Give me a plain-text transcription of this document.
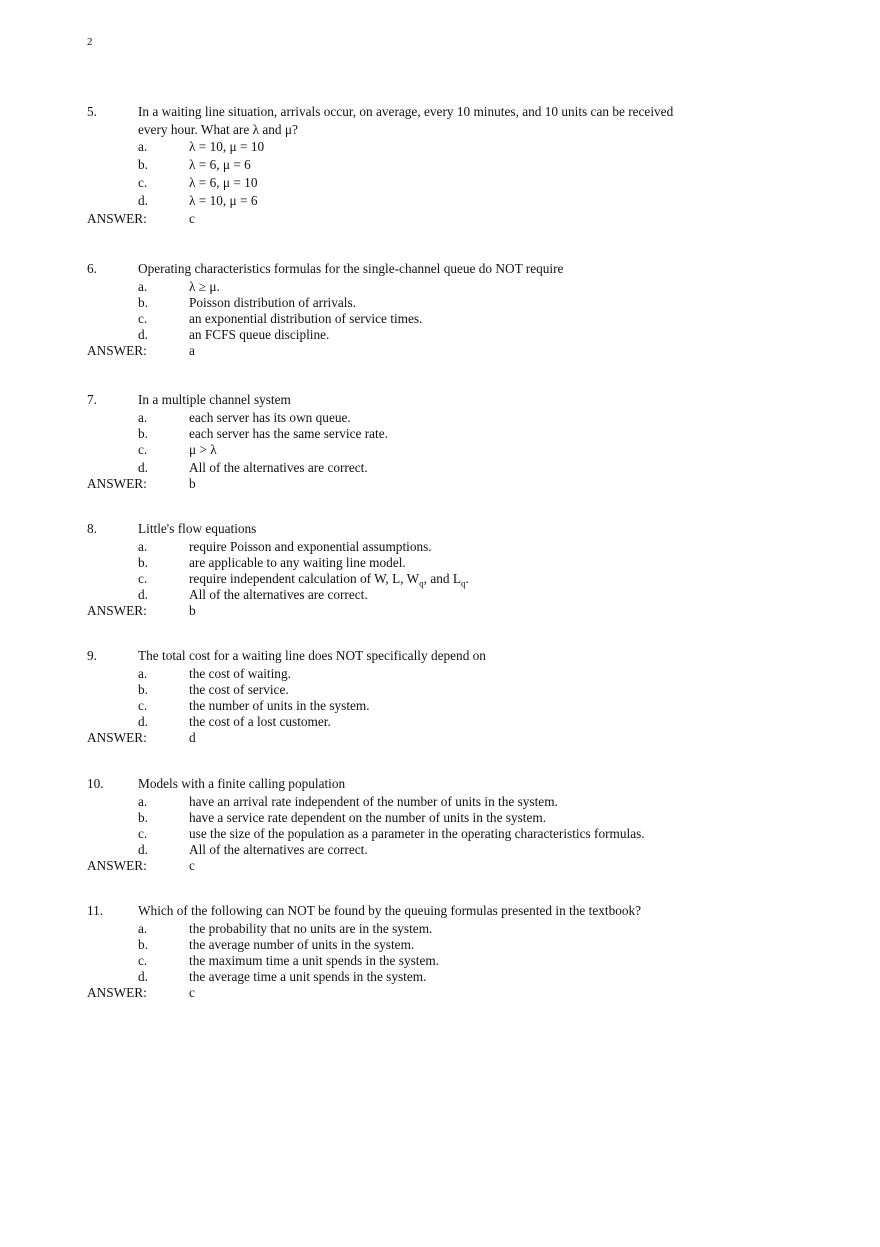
2
5.	In a waiting line situation, arrivals occur, on average, every 10 minutes, and 10 units can be received
every hour. What are λ and μ?
a.	λ = 10, μ = 10
b.	λ = 6, μ = 6
c.	λ = 6, μ = 10
d.	λ = 10, μ = 6
ANSWER:	c
6.	Operating characteristics formulas for the single-channel queue do NOT require
a.	λ ≥ μ.
b.	Poisson distribution of arrivals.
c.	an exponential distribution of service times.
d.	an FCFS queue discipline.
ANSWER:	a
7.	In a multiple channel system
a.	each server has its own queue.
b.	each server has the same service rate.
c.	μ > λ
d.	All of the alternatives are correct.
ANSWER:	b
8.	Little's flow equations
a.	require Poisson and exponential assumptions.
b.	are applicable to any waiting line model.
c.	require independent calculation of W, L, $W_q$, and $L_q$.
d.	All of the alternatives are correct.
ANSWER:	b
9.	The total cost for a waiting line does NOT specifically depend on
a.	the cost of waiting.
b.	the cost of service.
c.	the number of units in the system.
d.	the cost of a lost customer.
ANSWER:	d
10.	Models with a finite calling population
a.	have an arrival rate independent of the number of units in the system.
b.	have a service rate dependent on the number of units in the system.
c.	use the size of the population as a parameter in the operating characteristics formulas.
d.	All of the alternatives are correct.
ANSWER:	c
11.	Which of the following can NOT be found by the queuing formulas presented in the textbook?
a.	the probability that no units are in the system.
b.	the average number of units in the system.
c.	the maximum time a unit spends in the system.
d.	the average time a unit spends in the system.
ANSWER:	c
